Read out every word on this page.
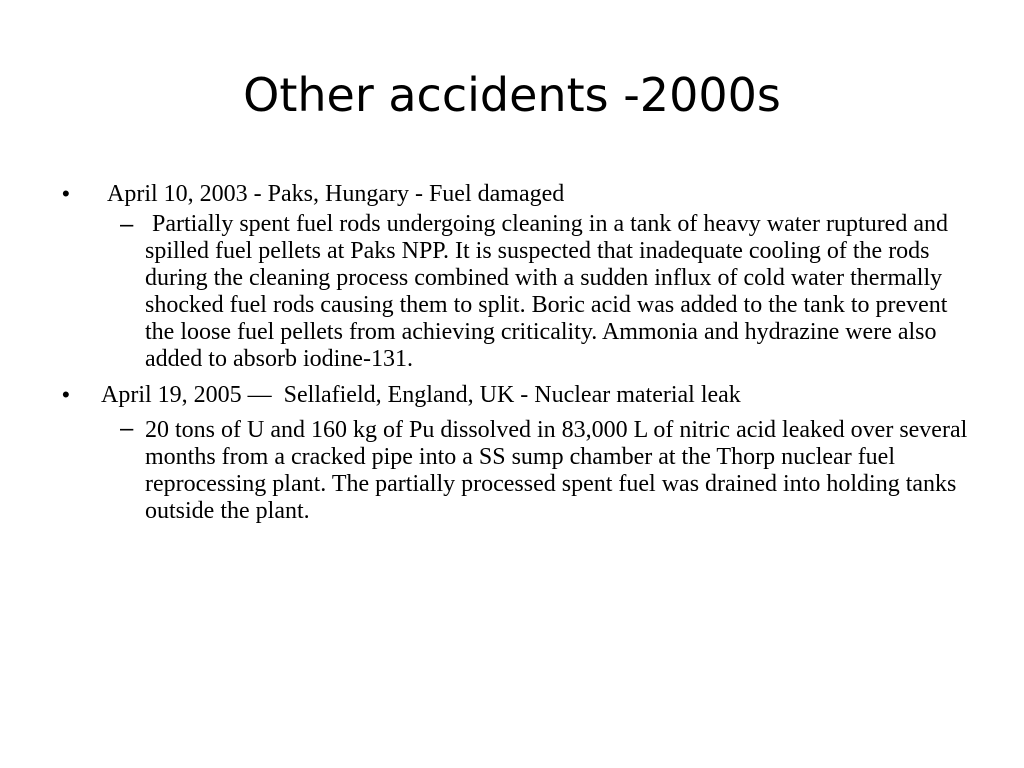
Other accidents -2000s
• April 10, 2003 - Paks, Hungary - Fuel damaged
– Partially spent fuel rods undergoing cleaning in a tank of heavy water ruptured and spilled fuel pellets at Paks NPP. It is suspected that inadequate cooling of the rods during the cleaning process combined with a sudden influx of cold water thermally shocked fuel rods causing them to split. Boric acid was added to the tank to prevent the loose fuel pellets from achieving criticality. Ammonia and hydrazine were also added to absorb iodine-131.
• April 19, 2005 —  Sellafield, England, UK - Nuclear material leak
– 20 tons of U and 160 kg of Pu dissolved in 83,000 L of nitric acid leaked over several months from a cracked pipe into a SS sump chamber at the Thorp nuclear fuel reprocessing plant. The partially processed spent fuel was drained into holding tanks outside the plant.
